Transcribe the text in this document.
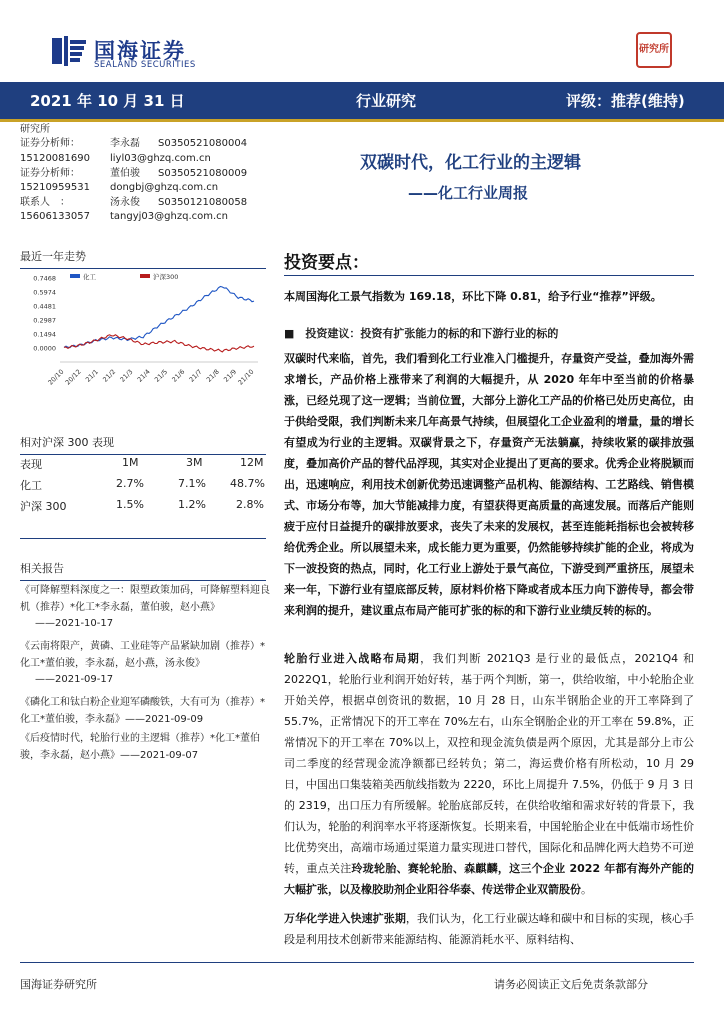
国海证券
SEALAND SECURITIES
研究所
2021 年 10 月 31 日	行业研究	评级：推荐(维持)
研究所
证券分析师：	李永磊 S0350521080004
15120081690 liyl03@ghzq.com.cn
证券分析师：	董伯骏 S0350521080009
15210959531 dongbj@ghzq.com.cn
联系人　：	汤永俊 S0350121080058
15606133057 tangyj03@ghzq.com.cn
双碳时代，化工行业的主逻辑
——化工行业周报
最近一年走势
0.7468
0.5974
0.4481
0.2987
0.1494
0.0000
20/10
20/12 21/1 21/2 21/3 21/4 21/5 21/6 21/7 21/8 21/9
21/10
化工	沪深300
相对沪深 300 表现
表现	1M	3M	12M
化工	2.7%	7.1% 48.7%
沪深 300	1.5%	1.2%	2.8%
相关报告
《可降解塑料深度之一：限塑政策加码，可降解塑料迎良机（推荐）*化工*李永磊，董伯骏，赵小燕》
——2021-10-17
《云南将限产，黄磷、工业硅等产品紧缺加剧（推荐）*化工*董伯骏，李永磊，赵小燕，汤永俊》
——2021-09-17
《磷化工和钛白粉企业迎军磷酸铁，大有可为（推荐）*化工*董伯骏，李永磊》——2021-09-09
《后疫情时代，轮胎行业的主逻辑（推荐）*化工*董伯骏，李永磊，赵小燕》——2021-09-07
投资要点：
本周国海化工景气指数为 169.18，环比下降 0.81，给予行业“推荐”评级。
■　投资建议：投资有扩张能力的标的和下游行业的标的
双碳时代来临，首先，我们看到化工行业准入门槛提升，存量资产受益，叠加海外需求增长，产品价格上涨带来了利润的大幅提升，从 2020 年年中至当前的价格暴涨，已经兑现了这一逻辑；当前位置，大部分上游化工产品的价格已处历史高位，由于供给受限，我们判断未来几年高景气持续，但展望化工企业盈利的增量，量的增长有望成为行业的主逻辑。双碳背景之下，存量资产无法躺赢，持续收紧的碳排放强度，叠加高价产品的替代品浮现，其实对企业提出了更高的要求。优秀企业将脱颖而出，迅速响应，利用技术创新优势迅速调整产品机构、能源结构、工艺路线、销售模式、市场分布等，加大节能减排力度，有望获得更高质量的高速发展。而落后产能则疲于应付日益提升的碳排放要求，丧失了未来的发展权，甚至连能耗指标也会被转移给优秀企业。所以展望未来，成长能力更为重要，仍然能够持续扩能的企业，将成为下一波投资的热点，同时，化工行业上游处于景气高位，下游受到严重挤压，展望未来一年，下游行业有望底部反转，原材料价格下降或者成本压力向下游传导，都会带来利润的提升，建议重点布局产能可扩张的标的和下游行业业绩反转的标的。
轮胎行业进入战略布局期，我们判断 2021Q3 是行业的最低点，2021Q4 和 2022Q1，轮胎行业利润开始好转，基于两个判断，第一，供给收缩，中小轮胎企业开始关停，根据卓创资讯的数据，10 月 28 日，山东半钢胎企业的开工率降到了 55.7%，正常情况下的开工率在 70%左右，山东全钢胎企业的开工率在 59.8%，正常情况下的开工率在 70%以上，双控和现金流负债是两个原因，尤其是部分上市公司二季度的经营现金流净额都已经转负；第二，海运费价格有所松动，10 月 29 日，中国出口集装箱美西航线指数为 2220，环比上周提升 7.5%，仍低于 9 月 3 日的 2319，出口压力有所缓解。轮胎底部反转，在供给收缩和需求好转的背景下，我们认为，轮胎的利润率水平将逐渐恢复。长期来看，中国轮胎企业在中低端市场性价比优势突出，高端市场通过渠道力量实现进口替代，国际化和品牌化两大趋势不可逆转，重点关注玲珑轮胎、赛轮轮胎、森麒麟，这三个企业 2022 年都有海外产能的大幅扩张，以及橡胶助剂企业阳谷华泰、传送带企业双箭股份。
万华化学进入快速扩张期，我们认为，化工行业碳达峰和碳中和目标的实现，核心手段是利用技术创新带来能源结构、能源消耗水平、原料结构、
国海证券研究所	请务必阅读正文后免责条款部分
